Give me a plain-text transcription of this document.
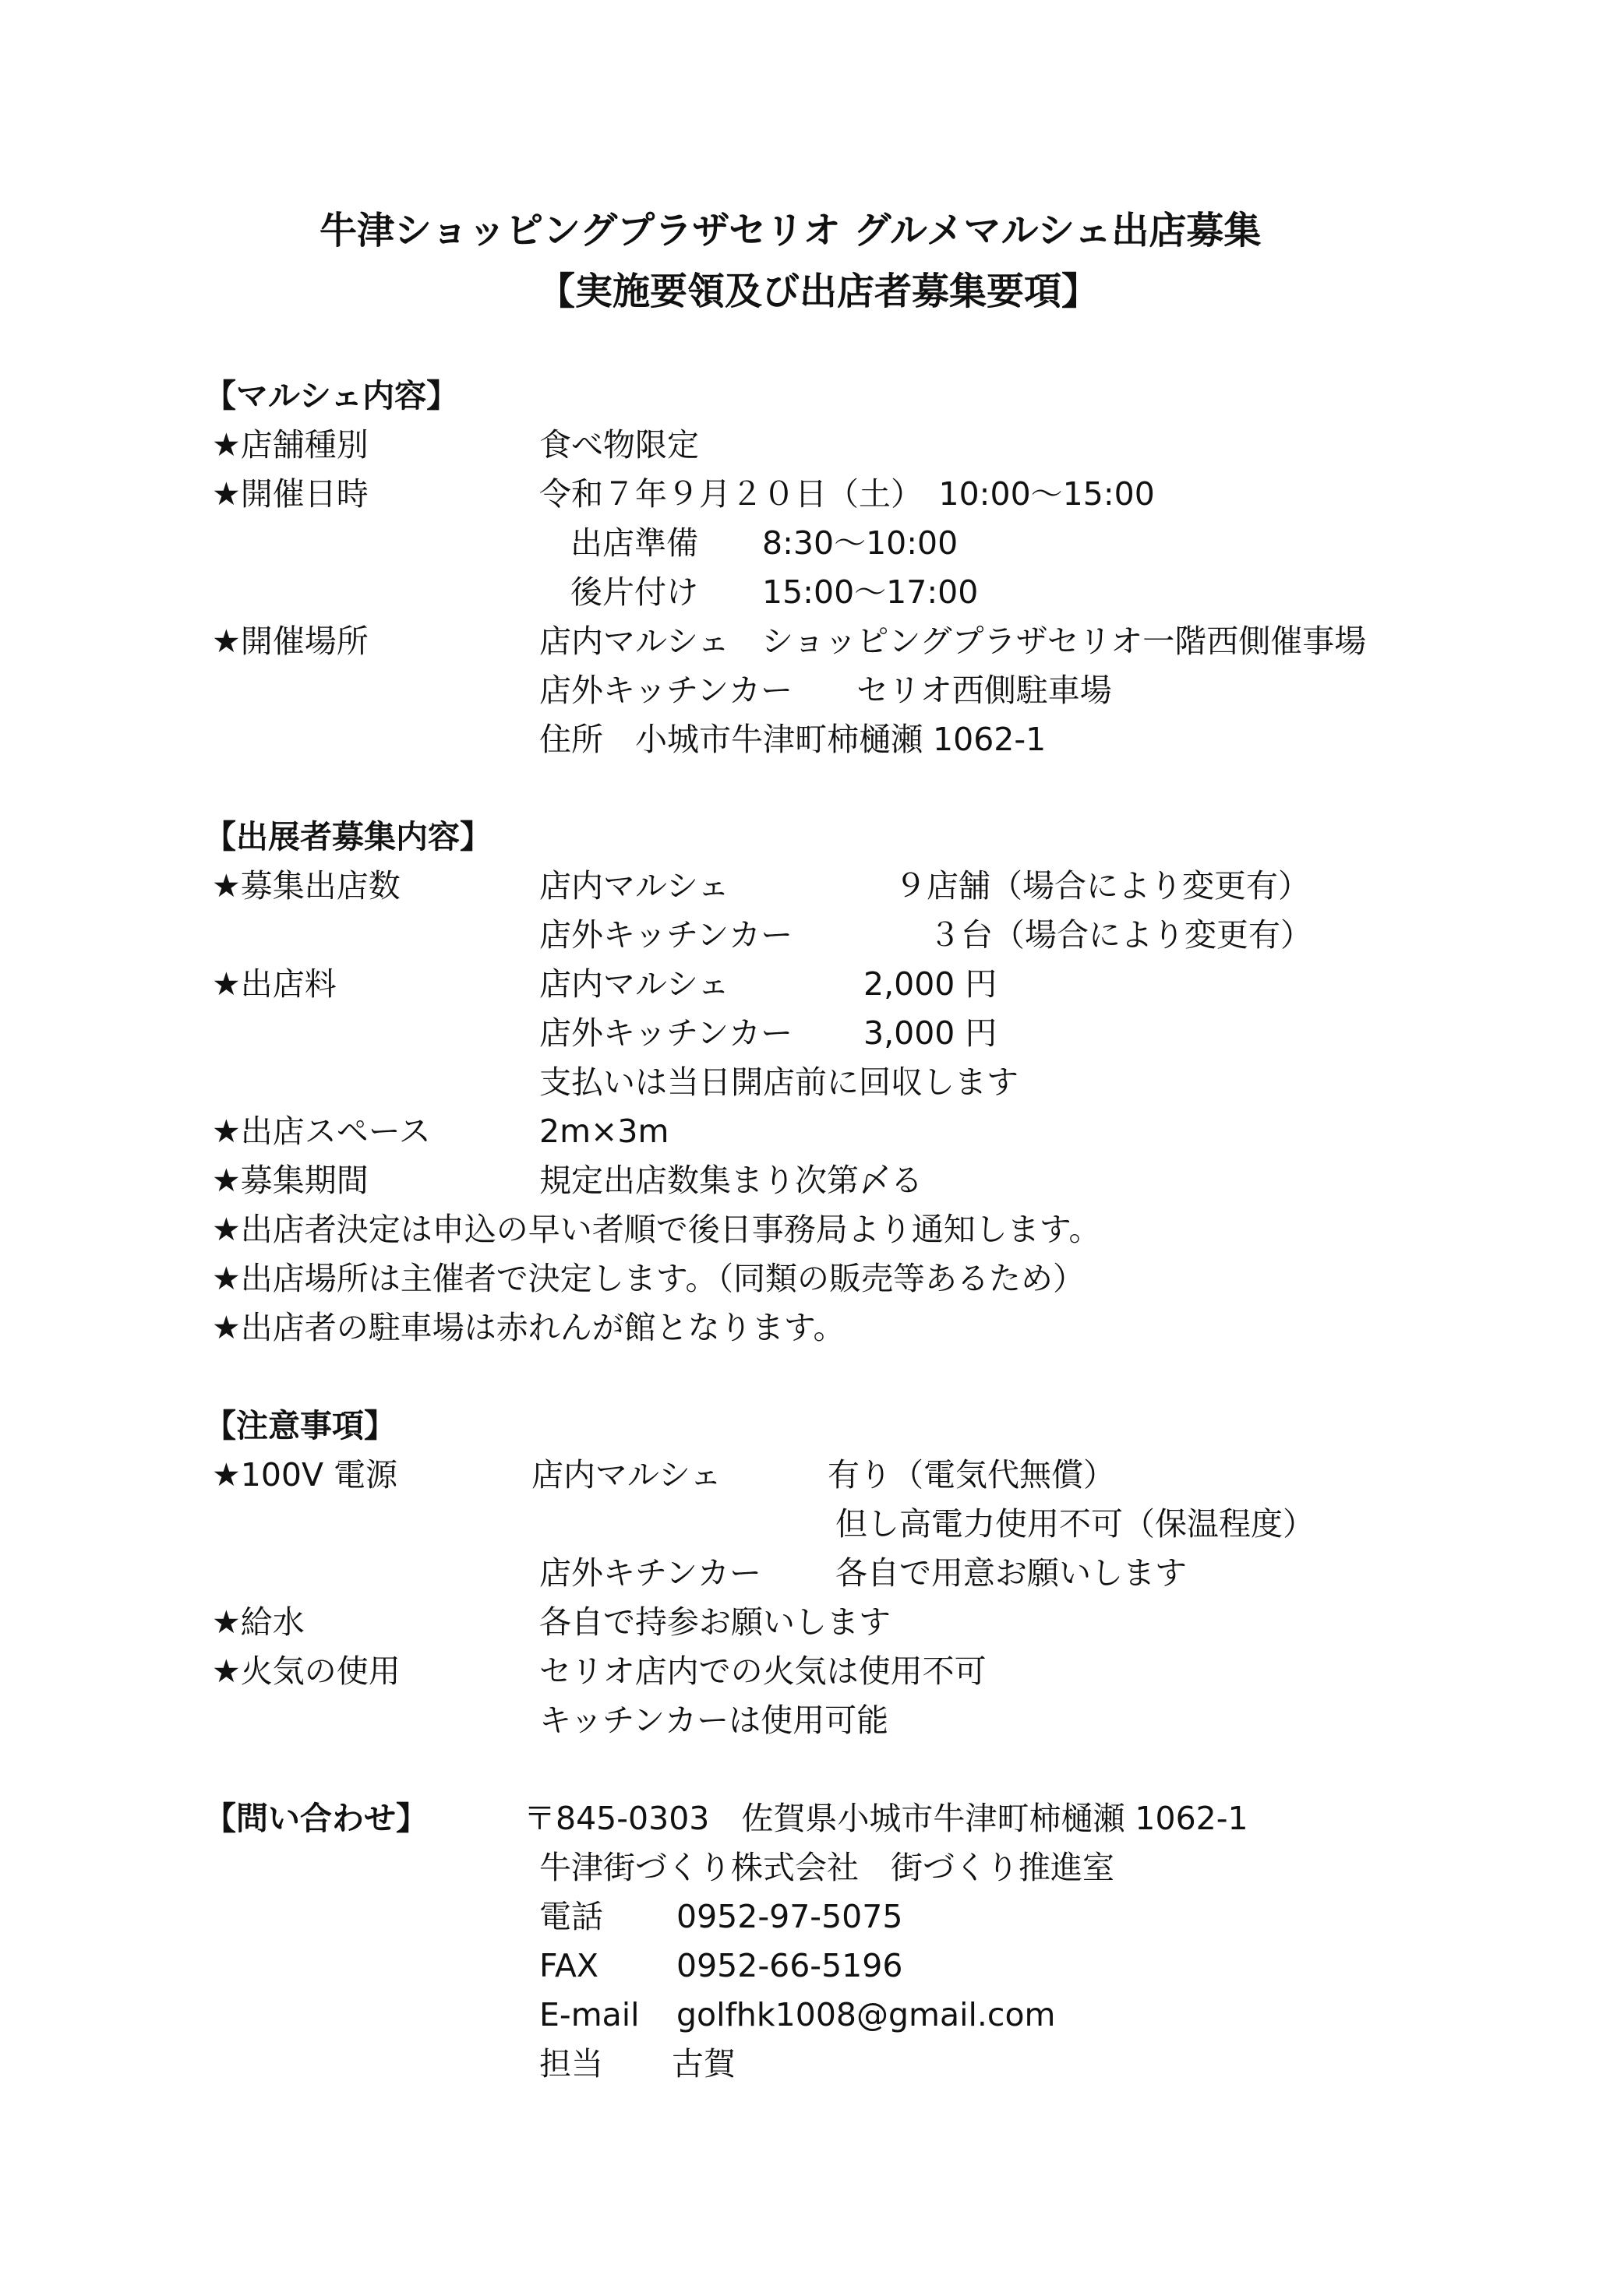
牛津ショッピングプラザセリオ グルメマルシェ出店募集
【実施要領及び出店者募集要項】
【マルシェ内容】
★店舗種別	食べ物限定
★開催日時	令和７年９月２０日（土）　10:00～15:00
出店準備　　8:30～10:00
後片付け　　15:00～17:00
★開催場所	店内マルシェ　ショッピングプラザセリオ一階西側催事場
店外キッチンカー　　セリオ西側駐車場
住所　小城市牛津町柿樋瀬 1062-1
【出展者募集内容】
★募集出店数	店内マルシェ	９店舗（場合により変更有）
店外キッチンカー	３台（場合により変更有）
★出店料	店内マルシェ	2,000 円
店外キッチンカー 3,000 円
支払いは当日開店前に回収します
★出店スペース	2m×3m
★募集期間	規定出店数集まり次第〆る
★出店者決定は申込の早い者順で後日事務局より通知します。
★出店場所は主催者で決定します。（同類の販売等あるため）
★出店者の駐車場は赤れんが館となります。
【注意事項】
★100V 電源	店内マルシェ	有り（電気代無償）
但し高電力使用不可（保温程度）
店外キチンカー 各自で用意お願いします
★給水	各自で持参お願いします
★火気の使用	セリオ店内での火気は使用不可
キッチンカーは使用可能
【問い合わせ】	〒845-0303　佐賀県小城市牛津町柿樋瀬 1062-1
牛津街づくり株式会社　街づくり推進室
電話 0952-97-5075
FAX 0952-66-5196
E-mail golfhk1008@gmail.com
担当 古賀
